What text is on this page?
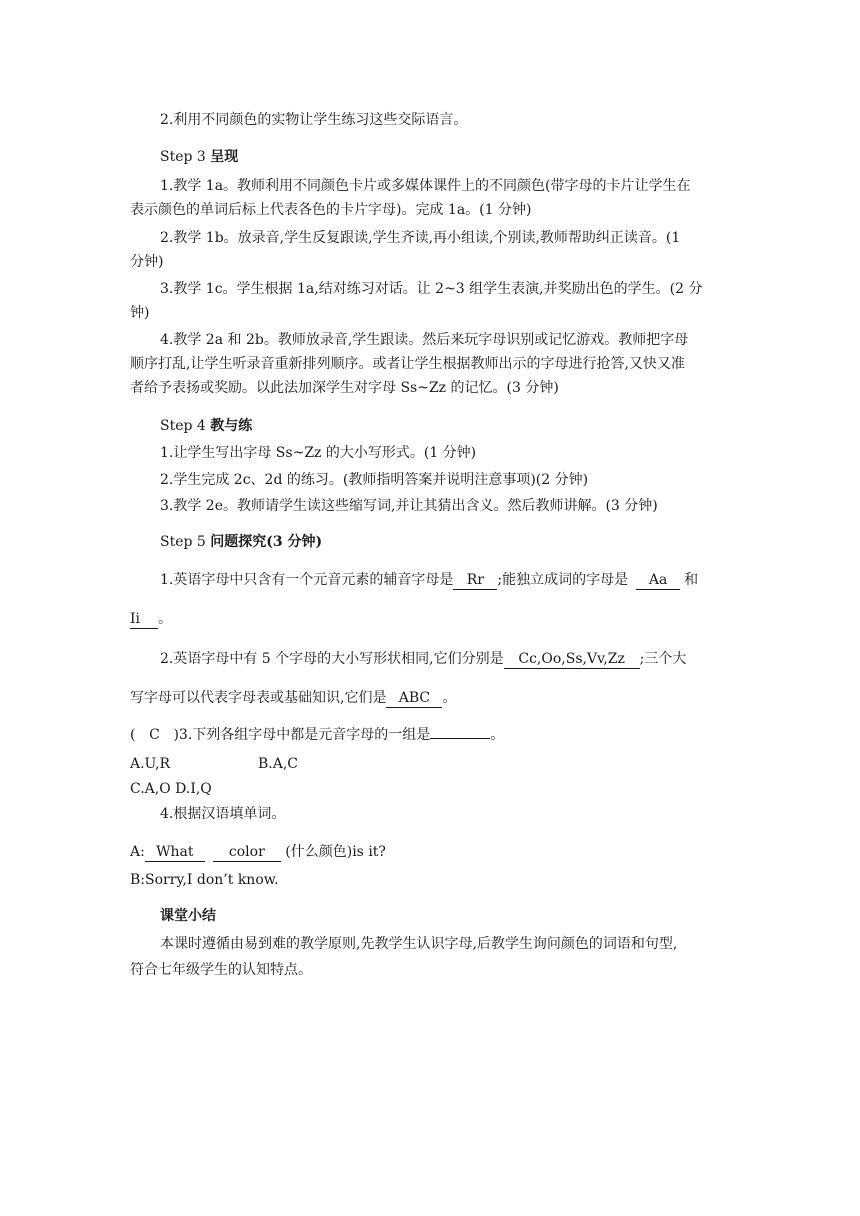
2.利用不同颜色的实物让学生练习这些交际语言。
Step 3 呈现
1.教学 1a。教师利用不同颜色卡片或多媒体课件上的不同颜色(带字母的卡片让学生在
表示颜色的单词后标上代表各色的卡片字母)。完成 1a。(1 分钟)
2.教学 1b。放录音,学生反复跟读,学生齐读,再小组读,个别读,教师帮助纠正读音。(1
分钟)
3.教学 1c。学生根据 1a,结对练习对话。让 2~3 组学生表演,并奖励出色的学生。(2 分
钟)
4.教学 2a 和 2b。教师放录音,学生跟读。然后来玩字母识别或记忆游戏。教师把字母
顺序打乱,让学生听录音重新排列顺序。或者让学生根据教师出示的字母进行抢答,又快又准
者给予表扬或奖励。以此法加深学生对字母 Ss~Zz 的记忆。(3 分钟)
Step 4 教与练
1.让学生写出字母 Ss~Zz 的大小写形式。(1 分钟)
2.学生完成 2c、2d 的练习。(教师指明答案并说明注意事项)(2 分钟)
3.教学 2e。教师请学生读这些缩写词,并让其猜出含义。然后教师讲解。(3 分钟)
Step 5 问题探究(3 分钟)
1.英语字母中只含有一个元音元素的辅音字母是 Rr ;能独立成词的字母是 Aa 和
Ii 。
2.英语字母中有 5 个字母的大小写形状相同,它们分别是 Cc,Oo,Ss,Vv,Zz ;三个大
写字母可以代表字母表或基础知识,它们是 ABC 。
( C )3.下列各组字母中都是元音字母的一组是	。
A.U,R	B.A,C
C.A,O D.I,Q
4.根据汉语填单词。
A: What	color (什么颜色)is it?
B:Sorry,I don’t know.
课堂小结
本课时遵循由易到难的教学原则,先教学生认识字母,后教学生询问颜色的词语和句型,
符合七年级学生的认知特点。
